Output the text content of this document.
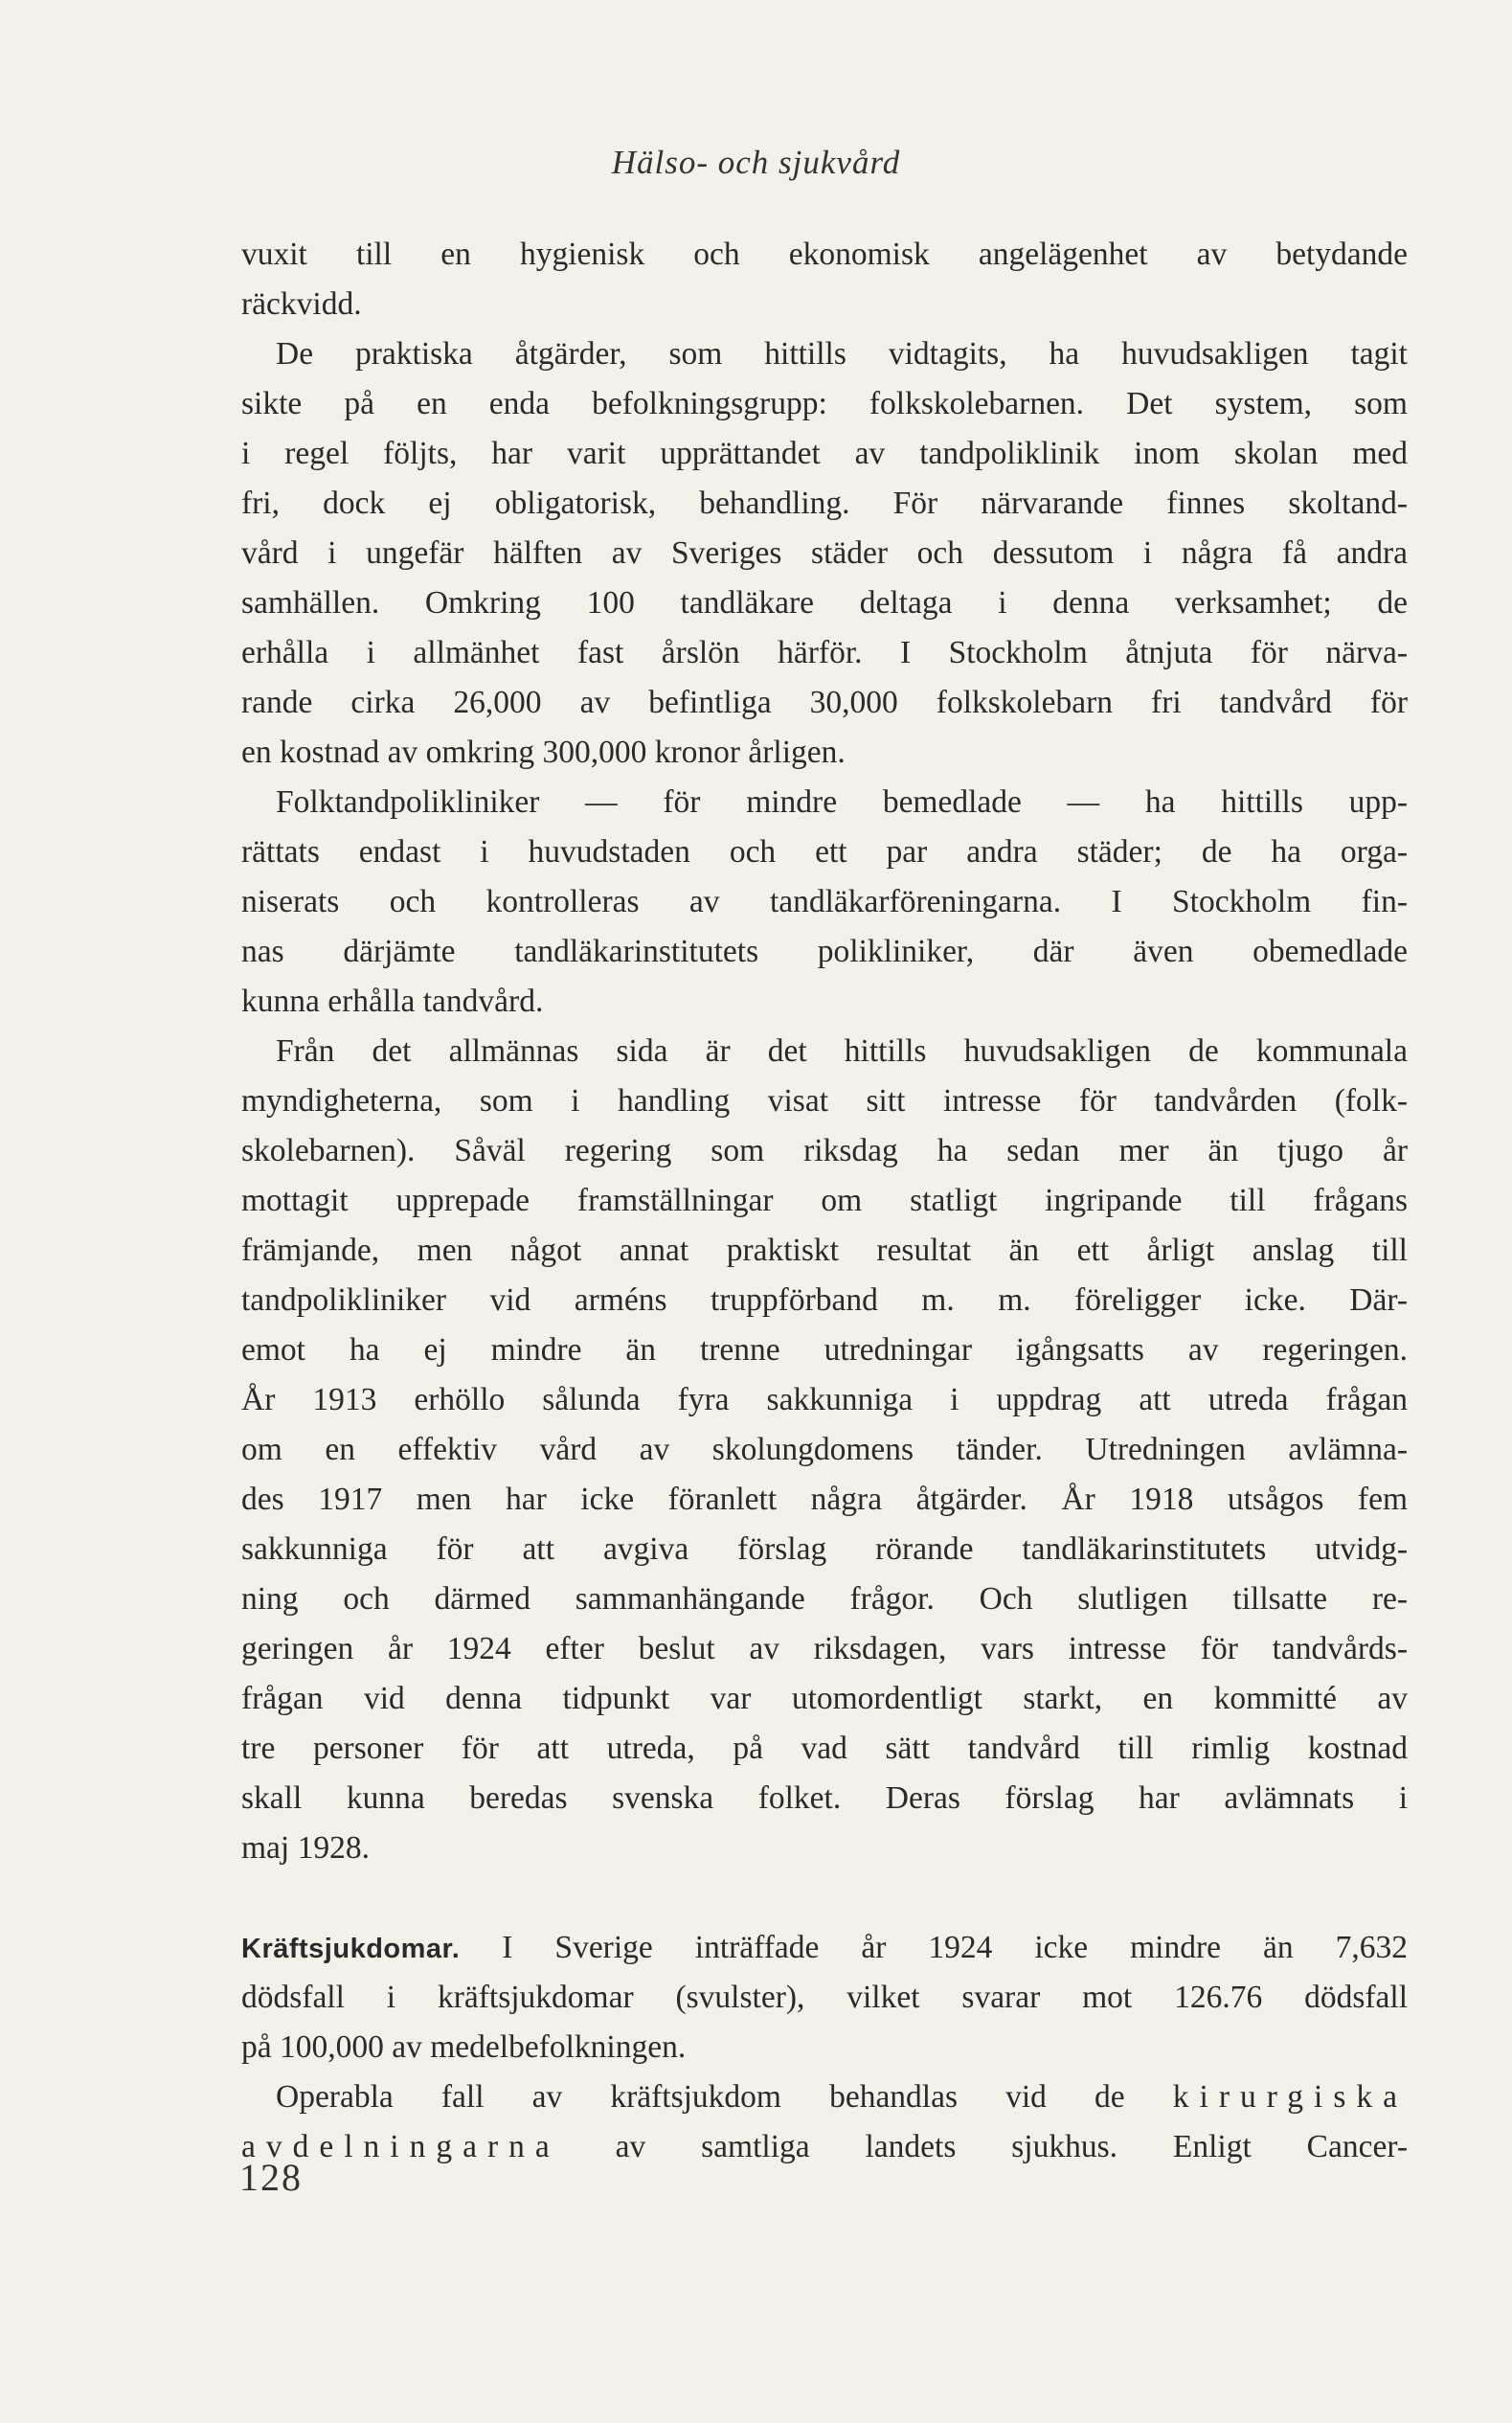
Hälso- och sjukvård
vuxit till en hygienisk och ekonomisk angelägenhet av betydande
räckvidd.
De praktiska åtgärder, som hittills vidtagits, ha huvudsakligen tagit
sikte på en enda befolkningsgrupp: folkskolebarnen. Det system, som
i regel följts, har varit upprättandet av tandpoliklinik inom skolan med
fri, dock ej obligatorisk, behandling. För närvarande finnes skoltand-
vård i ungefär hälften av Sveriges städer och dessutom i några få andra
samhällen. Omkring 100 tandläkare deltaga i denna verksamhet; de
erhålla i allmänhet fast årslön härför. I Stockholm åtnjuta för närva-
rande cirka 26,000 av befintliga 30,000 folkskolebarn fri tandvård för
en kostnad av omkring 300,000 kronor årligen.
Folktandpolikliniker — för mindre bemedlade — ha hittills upp-
rättats endast i huvudstaden och ett par andra städer; de ha orga-
niserats och kontrolleras av tandläkarföreningarna. I Stockholm fin-
nas därjämte tandläkarinstitutets polikliniker, där även obemedlade
kunna erhålla tandvård.
Från det allmännas sida är det hittills huvudsakligen de kommunala
myndigheterna, som i handling visat sitt intresse för tandvården (folk-
skolebarnen). Såväl regering som riksdag ha sedan mer än tjugo år
mottagit upprepade framställningar om statligt ingripande till frågans
främjande, men något annat praktiskt resultat än ett årligt anslag till
tandpolikliniker vid arméns truppförband m. m. föreligger icke. Där-
emot ha ej mindre än trenne utredningar igångsatts av regeringen.
År 1913 erhöllo sålunda fyra sakkunniga i uppdrag att utreda frågan
om en effektiv vård av skolungdomens tänder. Utredningen avlämna-
des 1917 men har icke föranlett några åtgärder. År 1918 utsågos fem
sakkunniga för att avgiva förslag rörande tandläkarinstitutets utvidg-
ning och därmed sammanhängande frågor. Och slutligen tillsatte re-
geringen år 1924 efter beslut av riksdagen, vars intresse för tandvårds-
frågan vid denna tidpunkt var utomordentligt starkt, en kommitté av
tre personer för att utreda, på vad sätt tandvård till rimlig kostnad
skall kunna beredas svenska folket. Deras förslag har avlämnats i
maj 1928.
Kräftsjukdomar. I Sverige inträffade år 1924 icke mindre än 7,632
dödsfall i kräftsjukdomar (svulster), vilket svarar mot 126.76 dödsfall
på 100,000 av medelbefolkningen.
Operabla fall av kräftsjukdom behandlas vid de kirurgiska
avdelningarna av samtliga landets sjukhus. Enligt Cancer-
128
